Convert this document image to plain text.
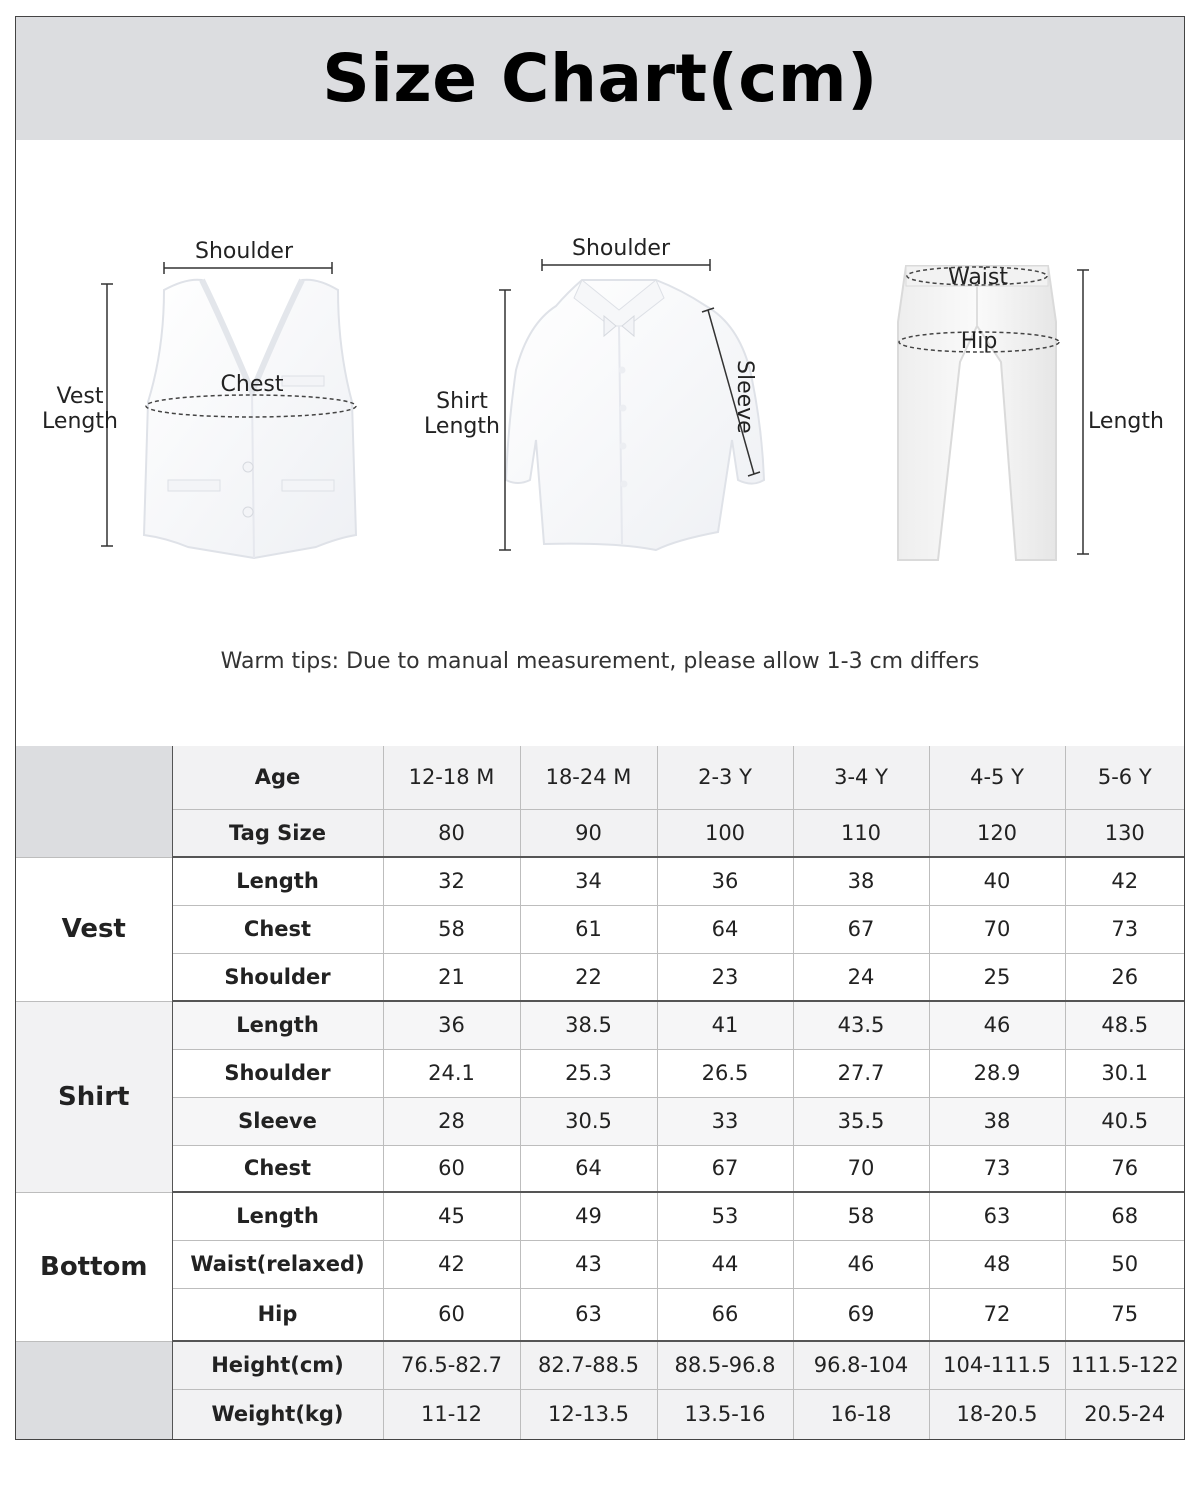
Size Chart(cm)
Shoulder
Vest
Length
Chest
Shoulder
Shirt
Length	Sleeve
Waist
Hip
Length
Warm tips: Due to manual measurement, please allow 1-3 cm differs
	Age	12-18 M	18-24 M	2-3 Y	3-4 Y	4-5 Y	5-6 Y
	Tag Size	80	90	100	110	120	130
Vest	Length	32	34	36	38	40	42
	Chest	58	61	64	67	70	73
	Shoulder	21	22	23	24	25	26
Shirt	Length	36	38.5	41	43.5	46	48.5
	Shoulder	24.1	25.3	26.5	27.7	28.9	30.1
	Sleeve	28	30.5	33	35.5	38	40.5
	Chest	60	64	67	70	73	76
Bottom	Length	45	49	53	58	63	68
	Waist(relaxed)	42	43	44	46	48	50
	Hip	60	63	66	69	72	75
	Height(cm)	76.5-82.7	82.7-88.5	88.5-96.8	96.8-104	104-111.5	111.5-122
	Weight(kg)	11-12	12-13.5	13.5-16	16-18	18-20.5	20.5-24
